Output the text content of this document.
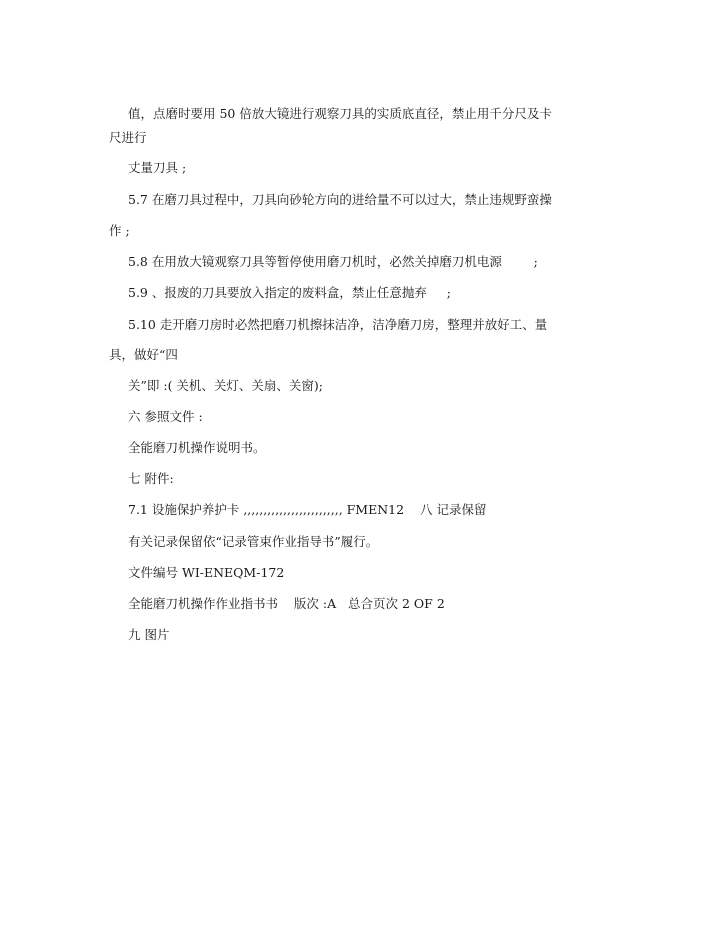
值，点磨时要用 50 倍放大镜进行观察刀具的实质底直径，禁止用千分尺及卡
尺进行
丈量刀具 ;
5.7 在磨刀具过程中，刀具向砂轮方向的进给量不可以过大，禁止违规野蛮操
作 ;
5.8 在用放大镜观察刀具等暂停使用磨刀机时，必然关掉磨刀机电源        ;
5.9 、报废的刀具要放入指定的废料盒，禁止任意抛弃     ;
5.10 走开磨刀房时必然把磨刀机擦抹洁净，洁净磨刀房，整理并放好工、量
具，做好“四
关”即 :( 关机、关灯、关扇、关窗);
六 参照文件 :
全能磨刀机操作说明书。
七 附件:
7.1 设施保护养护卡 ,,,,,,,,,,,,,,,,,,,,,,,,, FMEN12    八 记录保留
有关记录保留依“记录管束作业指导书”履行。
文件编号 WI-ENEQM-172
全能磨刀机操作作业指书书    版次 :A   总合页次 2 OF 2
九 图片
